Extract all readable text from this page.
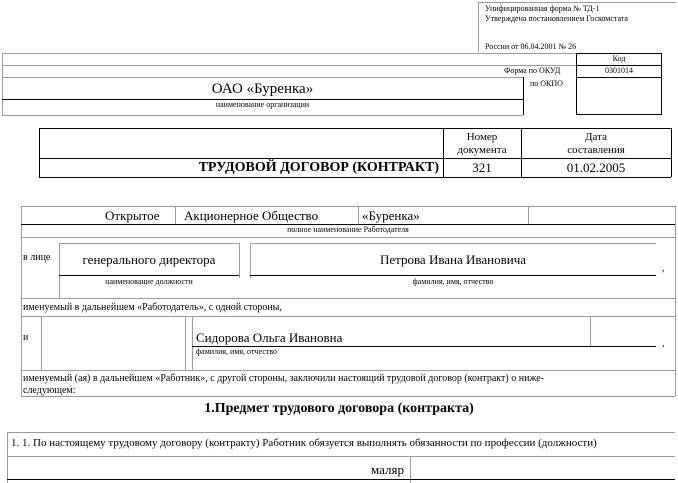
Унифицированная форма № ТД-1
Утверждена постановлением Госкомстата
России от 06.04.2001 № 26
Код
Форма по ОКУД	0301014
по ОКПО
ОАО «Буренка»
наименование организации
Номер
документа
Дата
составления
ТРУДОВОЙ ДОГОВОР (КОНТРАКТ)	321	01.02.2005
Открытое Акционерное Общество	«Буренка»
полное наименование Работодателя
в лице	генерального директора	Петрова Ивана Ивановича
,
наименование должности	фамилия, имя, отчество
именуемый в дальнейшем «Работодатель», с одной стороны,
и	Сидорова Ольга Ивановна	,
фамилия, имя, отчество
именуемый (ая) в дальнейшем «Работник», с другой стороны, заключили настоящий трудовой договор (контракт) о ниже-
следующем:
1.Предмет трудового договора (контракта)
1. 1. По настоящему трудовому договору (контракту) Работник обязуется выполнять обязанности по профессии (должности)
маляр
